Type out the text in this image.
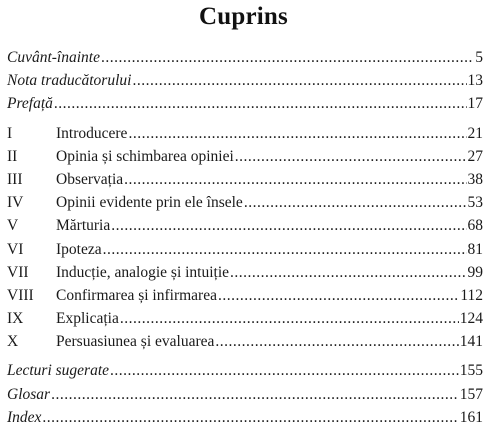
Cuprins
Cuvânt-înainte .....	5
Nota traducătorului .....	13
Prefață .....	17
I	Introducere .....	21
II	Opinia și schimbarea opiniei .....	27
III	Observația .....	38
IV	Opinii evidente prin ele însele .....	53
V	Mărturia .....	68
VI	Ipoteza .....	81
VII	Inducție, analogie și intuiție .....	99
VIII	Confirmarea și infirmarea .....	112
IX	Explicația .....	124
X	Persuasiunea și evaluarea .....	141
Lecturi sugerate .....	155
Glosar .....	157
Index .....	161
